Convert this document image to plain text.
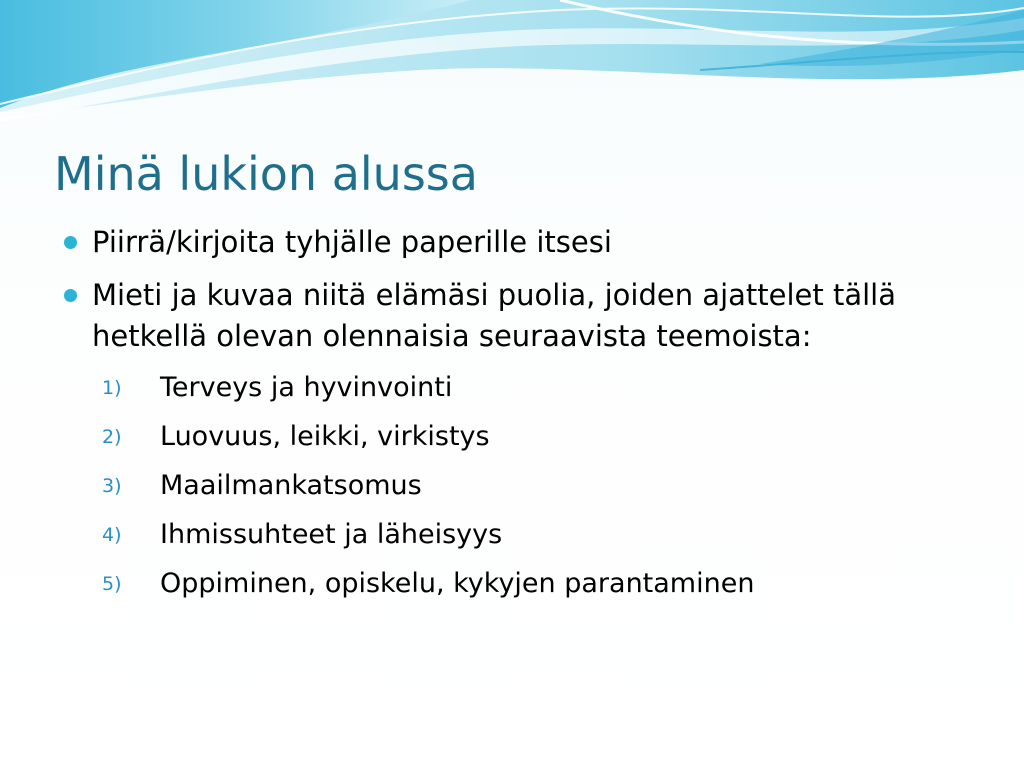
Minä lukion alussa
Piirrä/kirjoita tyhjälle paperille itsesi
Mieti ja kuvaa niitä elämäsi puolia, joiden ajattelet tällä hetkellä olevan olennaisia seuraavista teemoista:
1) Terveys ja hyvinvointi
2) Luovuus, leikki, virkistys
3) Maailmankatsomus
4) Ihmissuhteet ja läheisyys
5) Oppiminen, opiskelu, kykyjen parantaminen
